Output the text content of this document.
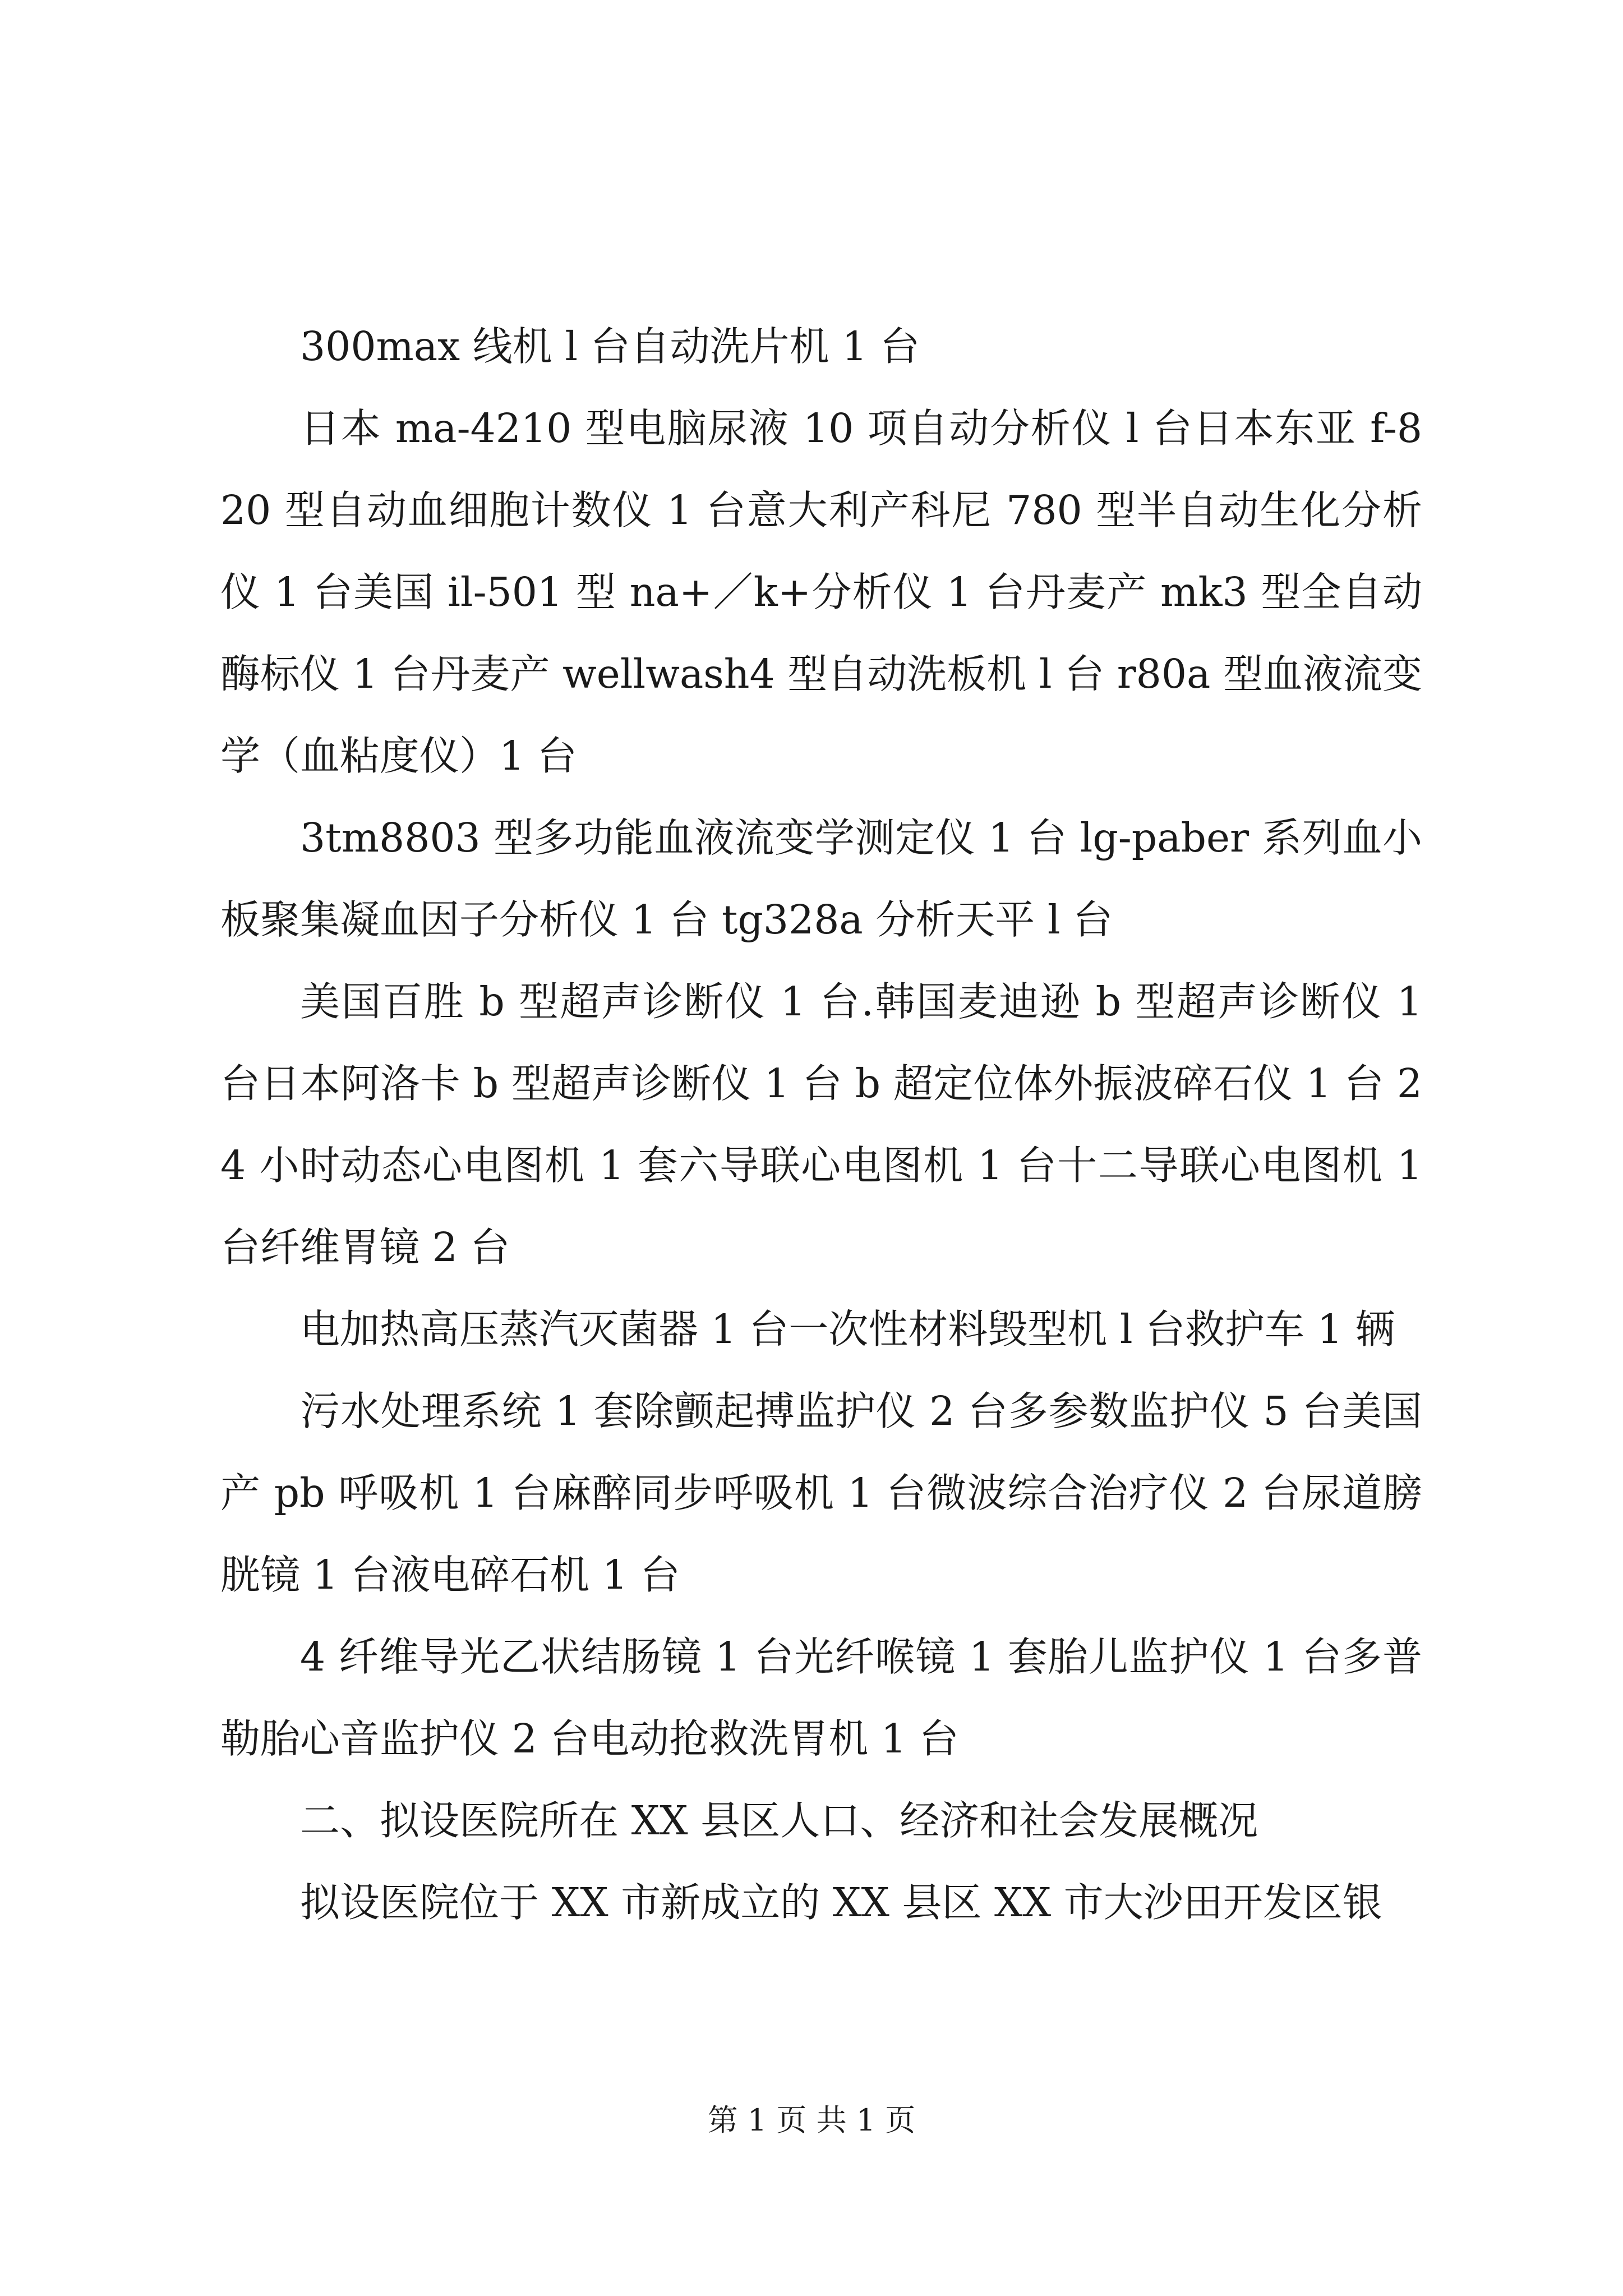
300max 线机 l 台自动洗片机 1 台

日本 ma-4210 型电脑尿液 10 项自动分析仪 l 台日本东亚 f-820 型自动血细胞计数仪 1 台意大利产科尼 780 型半自动生化分析仪 1 台美国 il-501 型 na+／k+分析仪 1 台丹麦产 mk3 型全自动酶标仪 1 台丹麦产 wellwash4 型自动洗板机 l 台 r80a 型血液流变学（血粘度仪）1 台

3tm8803 型多功能血液流变学测定仪 1 台 lg-paber 系列血小板聚集凝血因子分析仪 1 台 tg328a 分析天平 l 台

美国百胜 b 型超声诊断仪 1 台.韩国麦迪逊 b 型超声诊断仪 1 台日本阿洛卡 b 型超声诊断仪 1 台 b 超定位体外振波碎石仪 1 台 24 小时动态心电图机 1 套六导联心电图机 1 台十二导联心电图机 1 台纤维胃镜 2 台

电加热高压蒸汽灭菌器 1 台一次性材料毁型机 l 台救护车 1 辆

污水处理系统 1 套除颤起搏监护仪 2 台多参数监护仪 5 台美国产 pb 呼吸机 1 台麻醉同步呼吸机 1 台微波综合治疗仪 2 台尿道膀胱镜 1 台液电碎石机 1 台

4 纤维导光乙状结肠镜 1 台光纤喉镜 1 套胎儿监护仪 1 台多普勒胎心音监护仪 2 台电动抢救洗胃机 1 台

二、拟设医院所在 XX 县区人口、经济和社会发展概况

拟设医院位于 XX 市新成立的 XX 县区 XX 市大沙田开发区银

第 1 页 共 1 页
